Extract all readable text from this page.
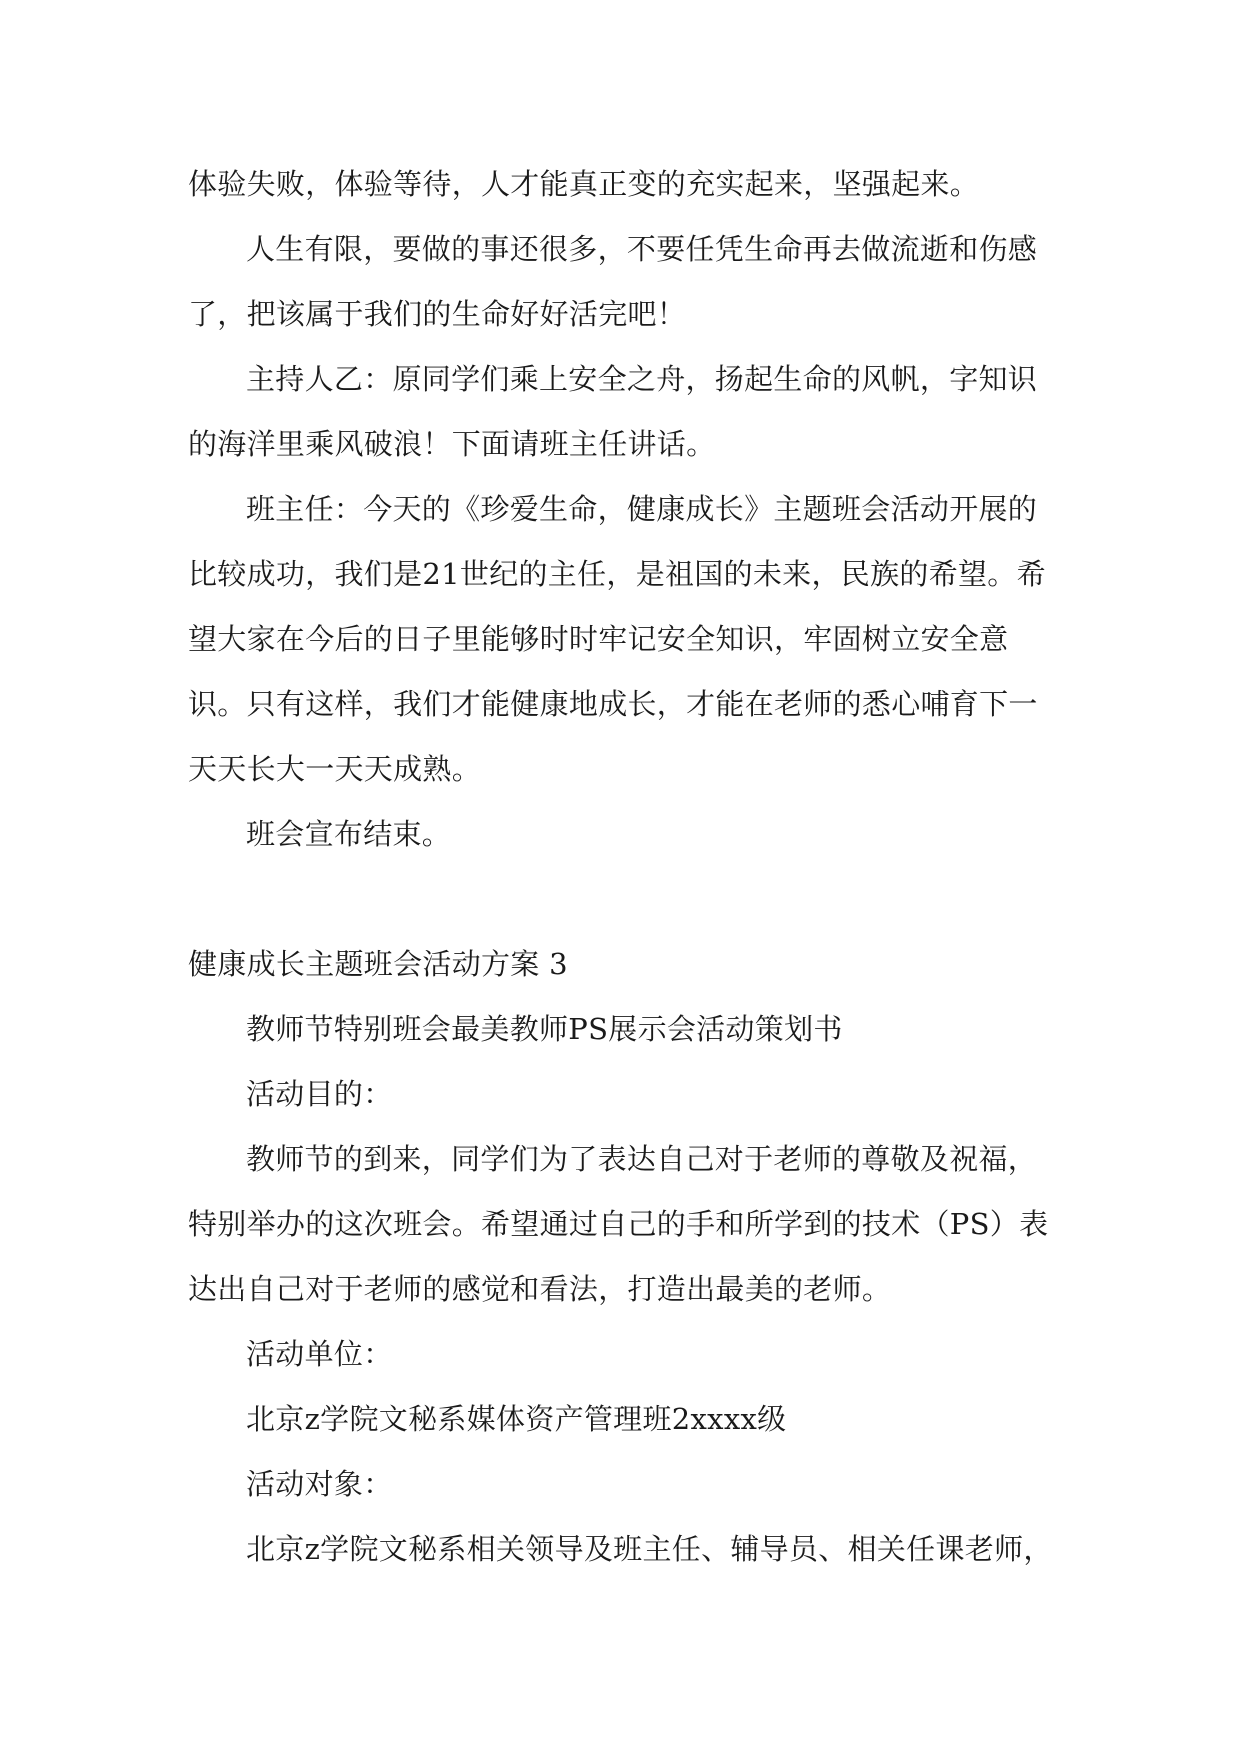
体验失败，体验等待，人才能真正变的充实起来，坚强起来。

人生有限，要做的事还很多，不要任凭生命再去做流逝和伤感了，把该属于我们的生命好好活完吧！

主持人乙：原同学们乘上安全之舟，扬起生命的风帆，字知识的海洋里乘风破浪！下面请班主任讲话。

班主任：今天的《珍爱生命，健康成长》主题班会活动开展的比较成功，我们是21世纪的主任，是祖国的未来，民族的希望。希望大家在今后的日子里能够时时牢记安全知识，牢固树立安全意识。只有这样，我们才能健康地成长，才能在老师的悉心哺育下一天天长大一天天成熟。

班会宣布结束。

健康成长主题班会活动方案 3

教师节特别班会最美教师PS展示会活动策划书

活动目的：

教师节的到来，同学们为了表达自己对于老师的尊敬及祝福，特别举办的这次班会。希望通过自己的手和所学到的技术（PS）表达出自己对于老师的感觉和看法，打造出最美的老师。

活动单位：

北京z学院文秘系媒体资产管理班2xxxx级

活动对象：

北京z学院文秘系相关领导及班主任、辅导员、相关任课老师，
